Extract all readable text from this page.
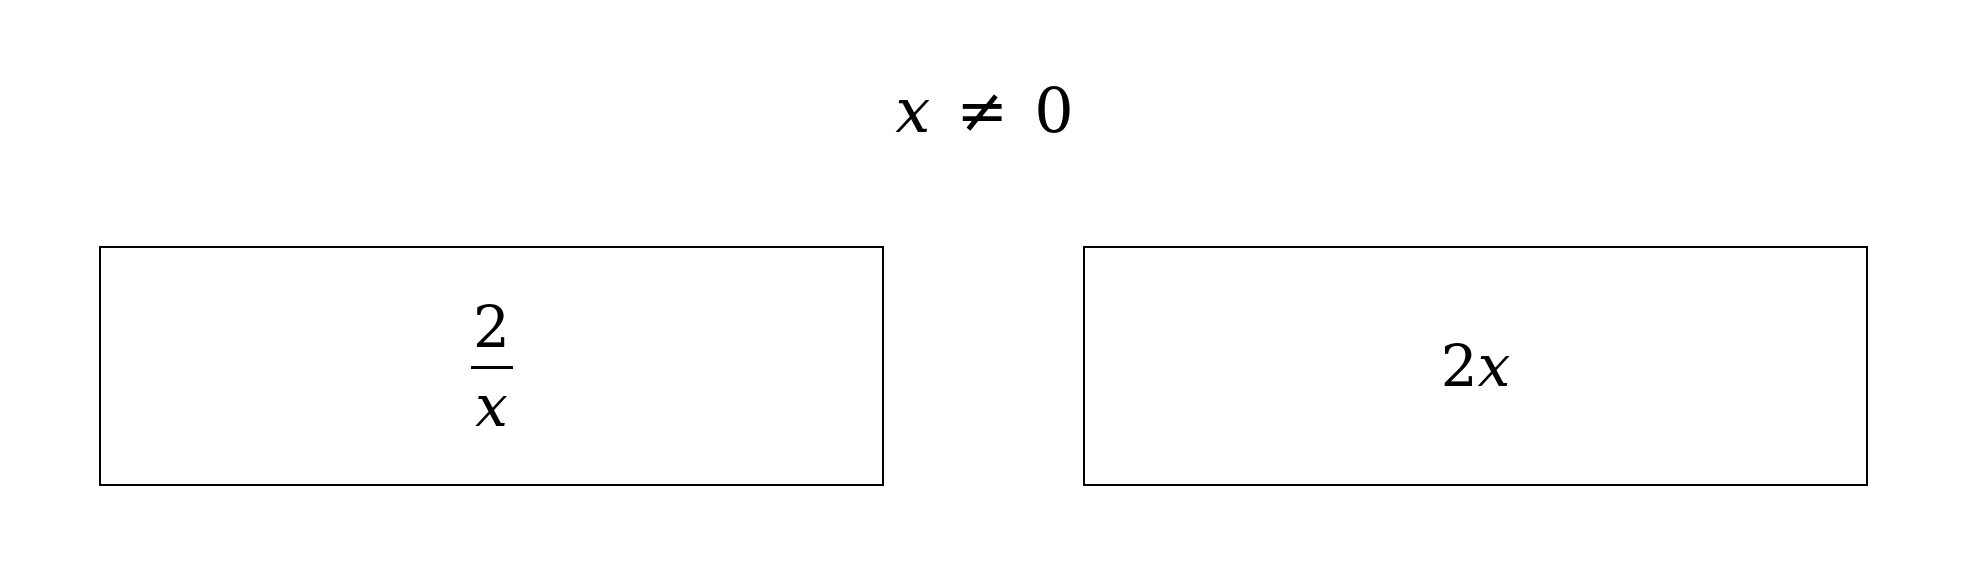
x ≠ 0
$\frac{2}{x}$	2x
